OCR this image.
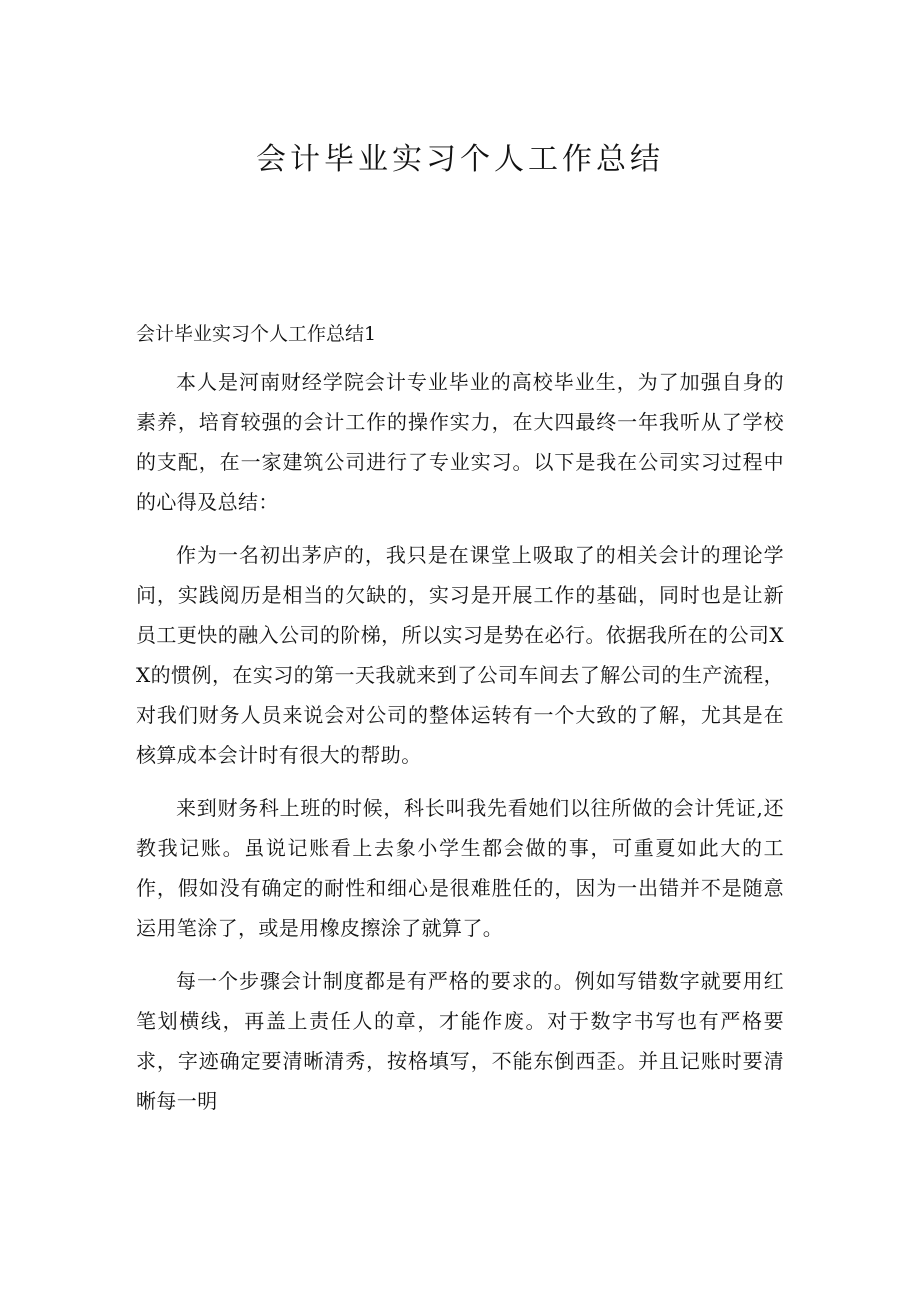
会计毕业实习个人工作总结

会计毕业实习个人工作总结1

本人是河南财经学院会计专业毕业的高校毕业生，为了加强自身的素养，培育较强的会计工作的操作实力，在大四最终一年我听从了学校的支配，在一家建筑公司进行了专业实习。以下是我在公司实习过程中的心得及总结：

作为一名初出茅庐的，我只是在课堂上吸取了的相关会计的理论学问，实践阅历是相当的欠缺的，实习是开展工作的基础，同时也是让新员工更快的融入公司的阶梯，所以实习是势在必行。依据我所在的公司XX的惯例，在实习的第一天我就来到了公司车间去了解公司的生产流程，对我们财务人员来说会对公司的整体运转有一个大致的了解，尤其是在核算成本会计时有很大的帮助。

来到财务科上班的时候，科长叫我先看她们以往所做的会计凭证,还教我记账。虽说记账看上去象小学生都会做的事，可重夏如此大的工作，假如没有确定的耐性和细心是很难胜任的，因为一出错并不是随意运用笔涂了，或是用橡皮擦涂了就算了。

每一个步骤会计制度都是有严格的要求的。例如写错数字就要用红笔划横线，再盖上责任人的章，才能作废。对于数字书写也有严格要求，字迹确定要清晰清秀，按格填写，不能东倒西歪。并且记账时要清晰每一明
